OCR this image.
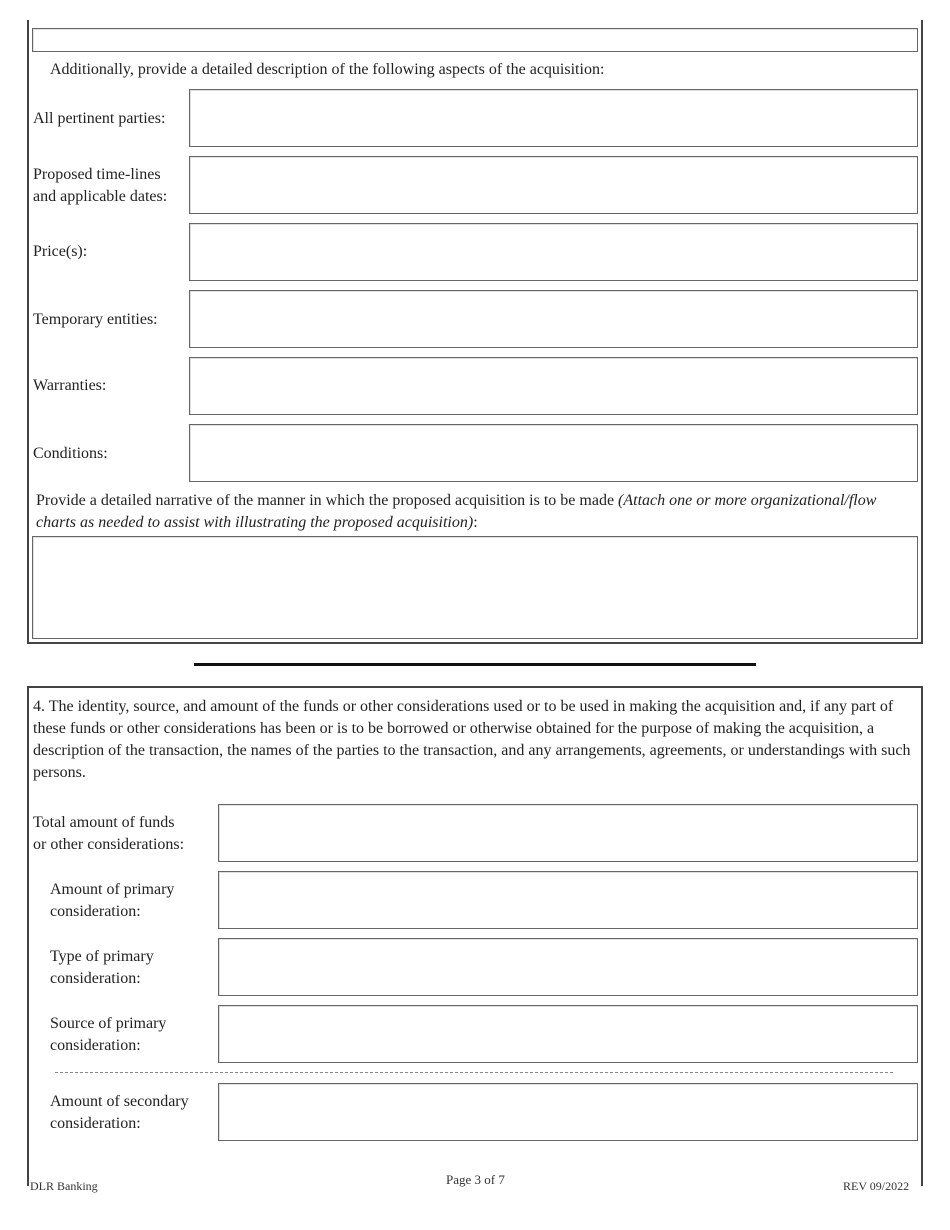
Additionally, provide a detailed description of the following aspects of the acquisition:
All pertinent parties:
Proposed time-lines
and applicable dates:
Price(s):
Temporary entities:
Warranties:
Conditions:
Provide a detailed narrative of the manner in which the proposed acquisition is to be made (Attach one or more organizational/flow charts as needed to assist with illustrating the proposed acquisition):
4. The identity, source, and amount of the funds or other considerations used or to be used in making the acquisition and, if any part of these funds or other considerations has been or is to be borrowed or otherwise obtained for the purpose of making the acquisition, a description of the transaction, the names of the parties to the transaction, and any arrangements, agreements, or understandings with such persons.
Total amount of funds
or other considerations:
Amount of primary
consideration:
Type of primary
consideration:
Source of primary
consideration:
Amount of secondary
consideration:
DLR Banking	Page 3 of 7	REV 09/2022
